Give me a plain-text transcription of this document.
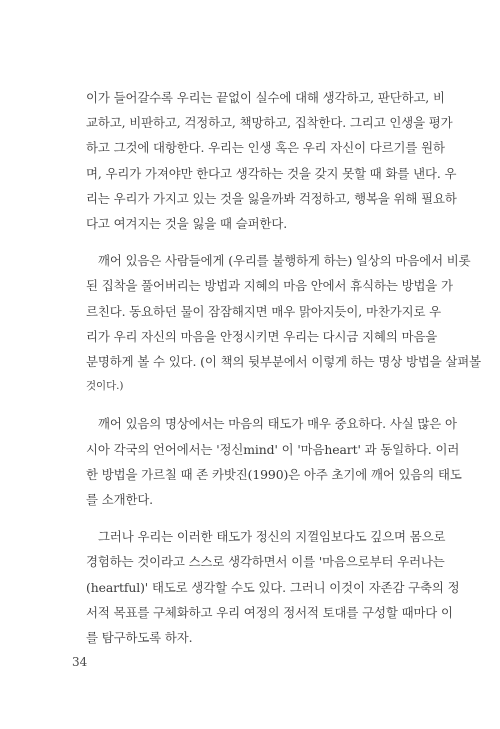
이가 들어갈수록 우리는 끝없이 실수에 대해 생각하고, 판단하고, 비
교하고, 비판하고, 걱정하고, 책망하고, 집착한다. 그리고 인생을 평가
하고 그것에 대항한다. 우리는 인생 혹은 우리 자신이 다르기를 원하
며, 우리가 가져야만 한다고 생각하는 것을 갖지 못할 때 화를 낸다. 우
리는 우리가 가지고 있는 것을 잃을까봐 걱정하고, 행복을 위해 필요하
다고 여겨지는 것을 잃을 때 슬퍼한다.

깨어 있음은 사람들에게 (우리를 불행하게 하는) 일상의 마음에서 비롯
된 집착을 풀어버리는 방법과 지혜의 마음 안에서 휴식하는 방법을 가
르친다. 동요하던 물이 잠잠해지면 매우 맑아지듯이, 마찬가지로 우
리가 우리 자신의 마음을 안정시키면 우리는 다시금 지혜의 마음을
분명하게 볼 수 있다. (이 책의 뒷부분에서 이렇게 하는 명상 방법을 살펴볼
것이다.)

깨어 있음의 명상에서는 마음의 태도가 매우 중요하다. 사실 많은 아
시아 각국의 언어에서는 '정신mind' 이 '마음heart' 과 동일하다. 이러
한 방법을 가르칠 때 존 카밧진(1990)은 아주 초기에 깨어 있음의 태도
를 소개한다.

그러나 우리는 이러한 태도가 정신의 지껄임보다도 깊으며 몸으로
경험하는 것이라고 스스로 생각하면서 이를 '마음으로부터 우러나는
(heartful)' 태도로 생각할 수도 있다. 그러니 이것이 자존감 구축의 정
서적 목표를 구체화하고 우리 여정의 정서적 토대를 구성할 때마다 이
를 탐구하도록 하자.

34
